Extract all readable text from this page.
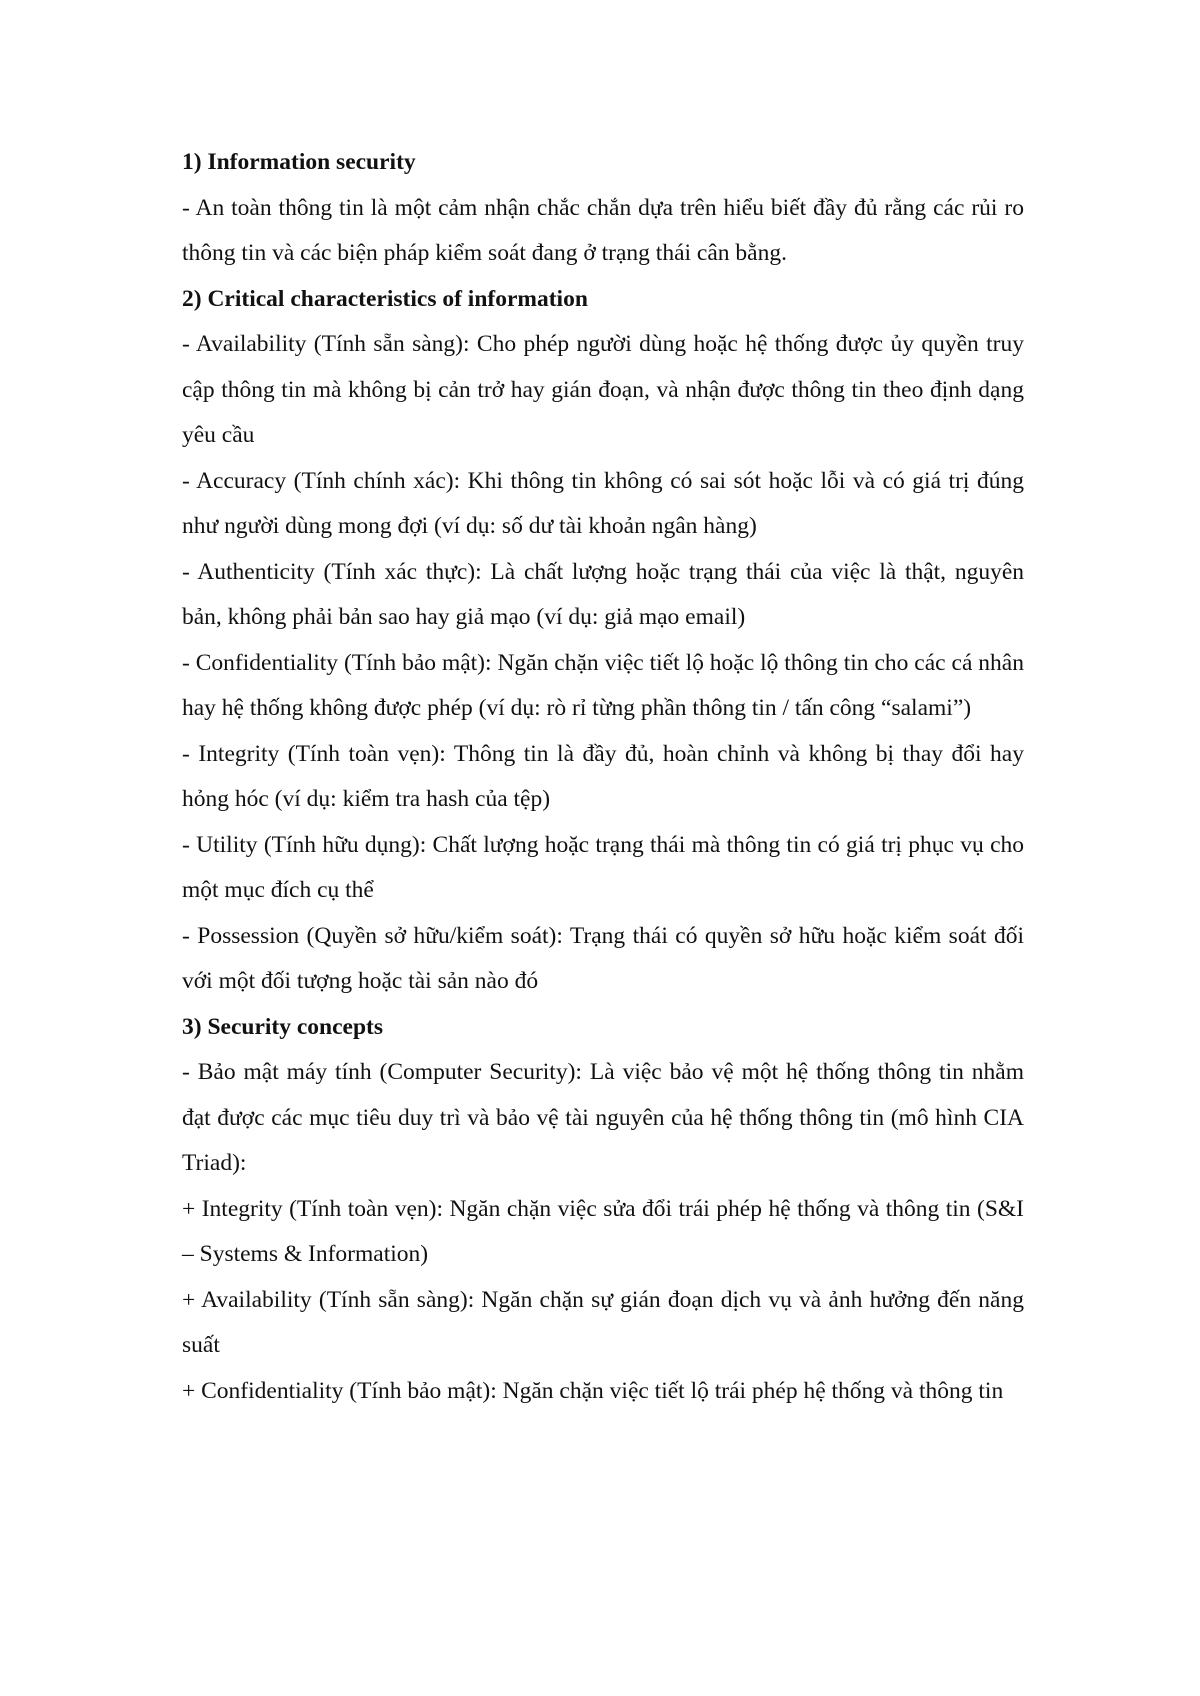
1) Information security

- An toàn thông tin là một cảm nhận chắc chắn dựa trên hiểu biết đầy đủ rằng các rủi ro thông tin và các biện pháp kiểm soát đang ở trạng thái cân bằng.

2) Critical characteristics of information

- Availability (Tính sẵn sàng): Cho phép người dùng hoặc hệ thống được ủy quyền truy cập thông tin mà không bị cản trở hay gián đoạn, và nhận được thông tin theo định dạng yêu cầu

- Accuracy (Tính chính xác): Khi thông tin không có sai sót hoặc lỗi và có giá trị đúng như người dùng mong đợi (ví dụ: số dư tài khoản ngân hàng)

- Authenticity (Tính xác thực): Là chất lượng hoặc trạng thái của việc là thật, nguyên bản, không phải bản sao hay giả mạo (ví dụ: giả mạo email)

- Confidentiality (Tính bảo mật): Ngăn chặn việc tiết lộ hoặc lộ thông tin cho các cá nhân hay hệ thống không được phép (ví dụ: rò rỉ từng phần thông tin / tấn công “salami”)

- Integrity (Tính toàn vẹn): Thông tin là đầy đủ, hoàn chỉnh và không bị thay đổi hay hỏng hóc (ví dụ: kiểm tra hash của tệp)

- Utility (Tính hữu dụng): Chất lượng hoặc trạng thái mà thông tin có giá trị phục vụ cho một mục đích cụ thể

- Possession (Quyền sở hữu/kiểm soát): Trạng thái có quyền sở hữu hoặc kiểm soát đối với một đối tượng hoặc tài sản nào đó

3) Security concepts

- Bảo mật máy tính (Computer Security): Là việc bảo vệ một hệ thống thông tin nhằm đạt được các mục tiêu duy trì và bảo vệ tài nguyên của hệ thống thông tin (mô hình CIA Triad):

+ Integrity (Tính toàn vẹn): Ngăn chặn việc sửa đổi trái phép hệ thống và thông tin (S&I – Systems & Information)

+ Availability (Tính sẵn sàng): Ngăn chặn sự gián đoạn dịch vụ và ảnh hưởng đến năng suất

+ Confidentiality (Tính bảo mật): Ngăn chặn việc tiết lộ trái phép hệ thống và thông tin
